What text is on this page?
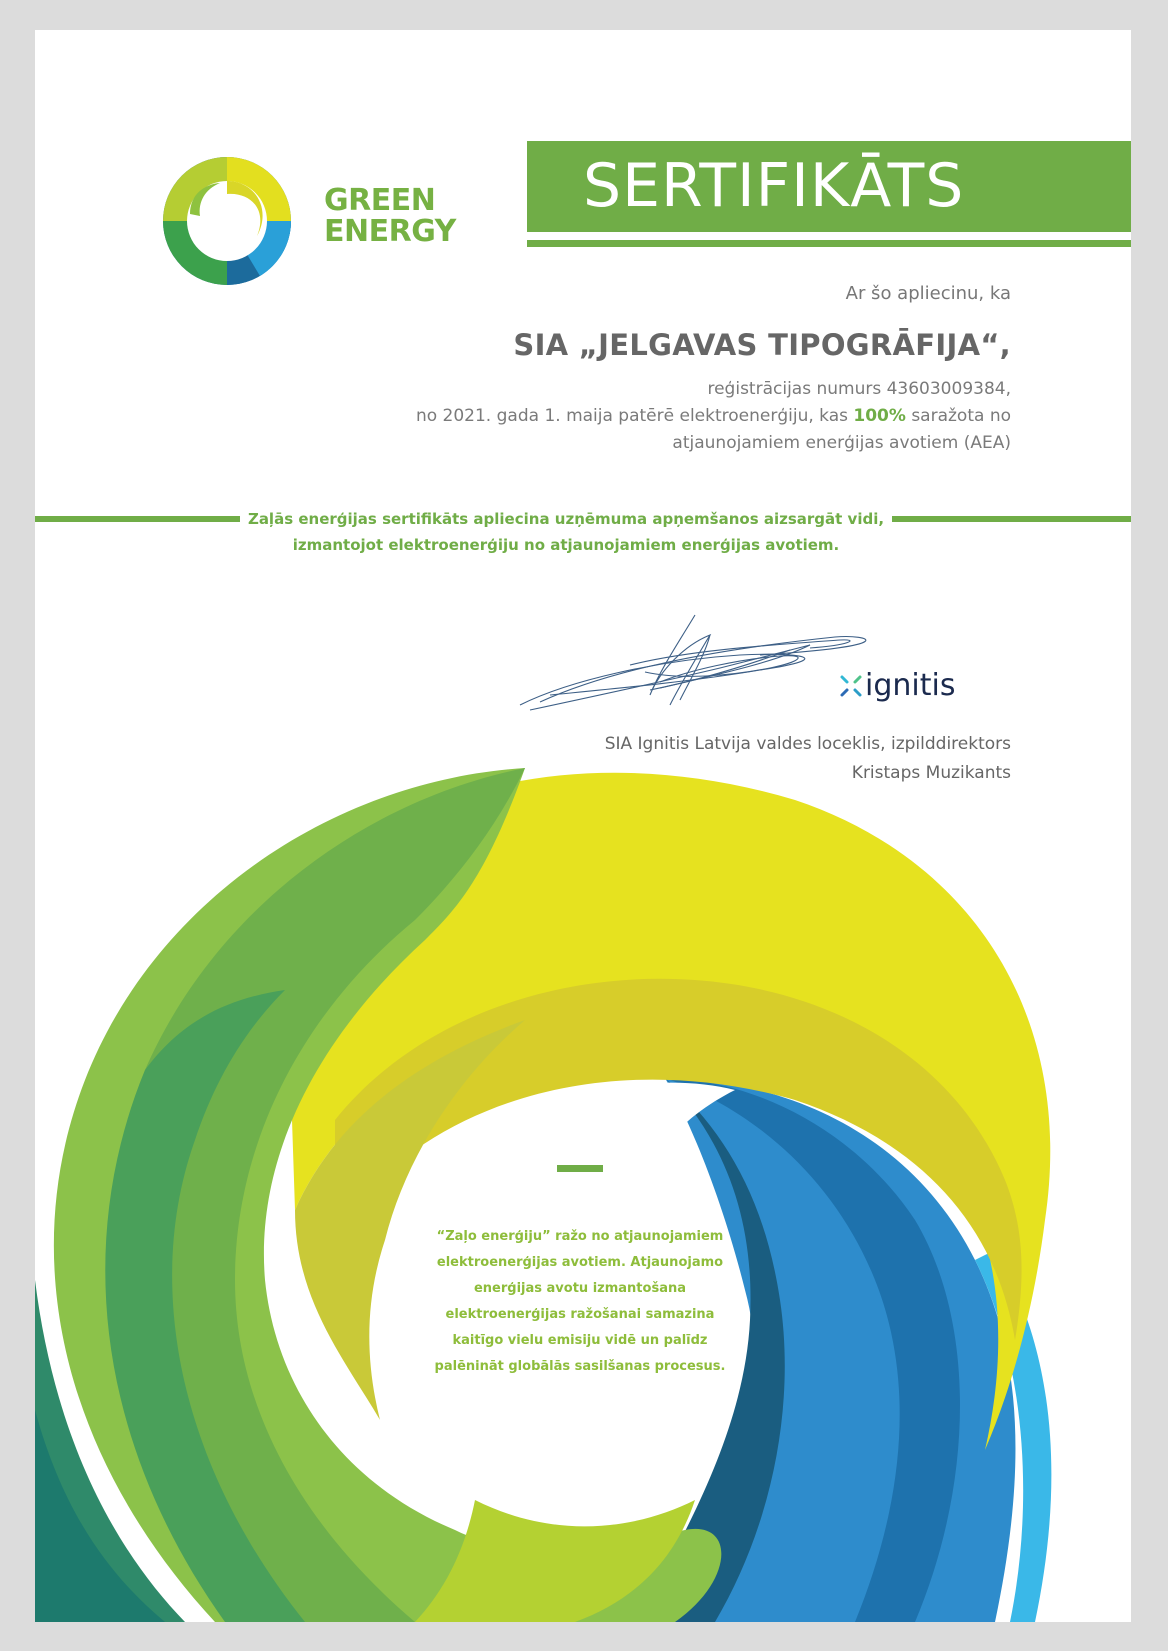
GREEN
ENERGY
SERTIFIKĀTS
Ar šo apliecinu, ka
SIA „JELGAVAS TIPOGRĀFIJA“,
reģistrācijas numurs 43603009384,
no 2021. gada 1. maija patērē elektroenerģiju, kas 100% saražota no
atjaunojamiem enerģijas avotiem (AEA)
Zaļās enerģijas sertifikāts apliecina uzņēmuma apņemšanos aizsargāt vidi,
izmantojot elektroenerģiju no atjaunojamiem enerģijas avotiem.
ignitis
SIA Ignitis Latvija valdes loceklis, izpilddirektors
Kristaps Muzikants
“Zaļo enerģiju” ražo no atjaunojamiem
elektroenerģijas avotiem. Atjaunojamo
enerģijas avotu izmantošana
elektroenerģijas ražošanai samazina
kaitīgo vielu emisiju vidē un palīdz
palēnināt globālās sasilšanas procesus.
